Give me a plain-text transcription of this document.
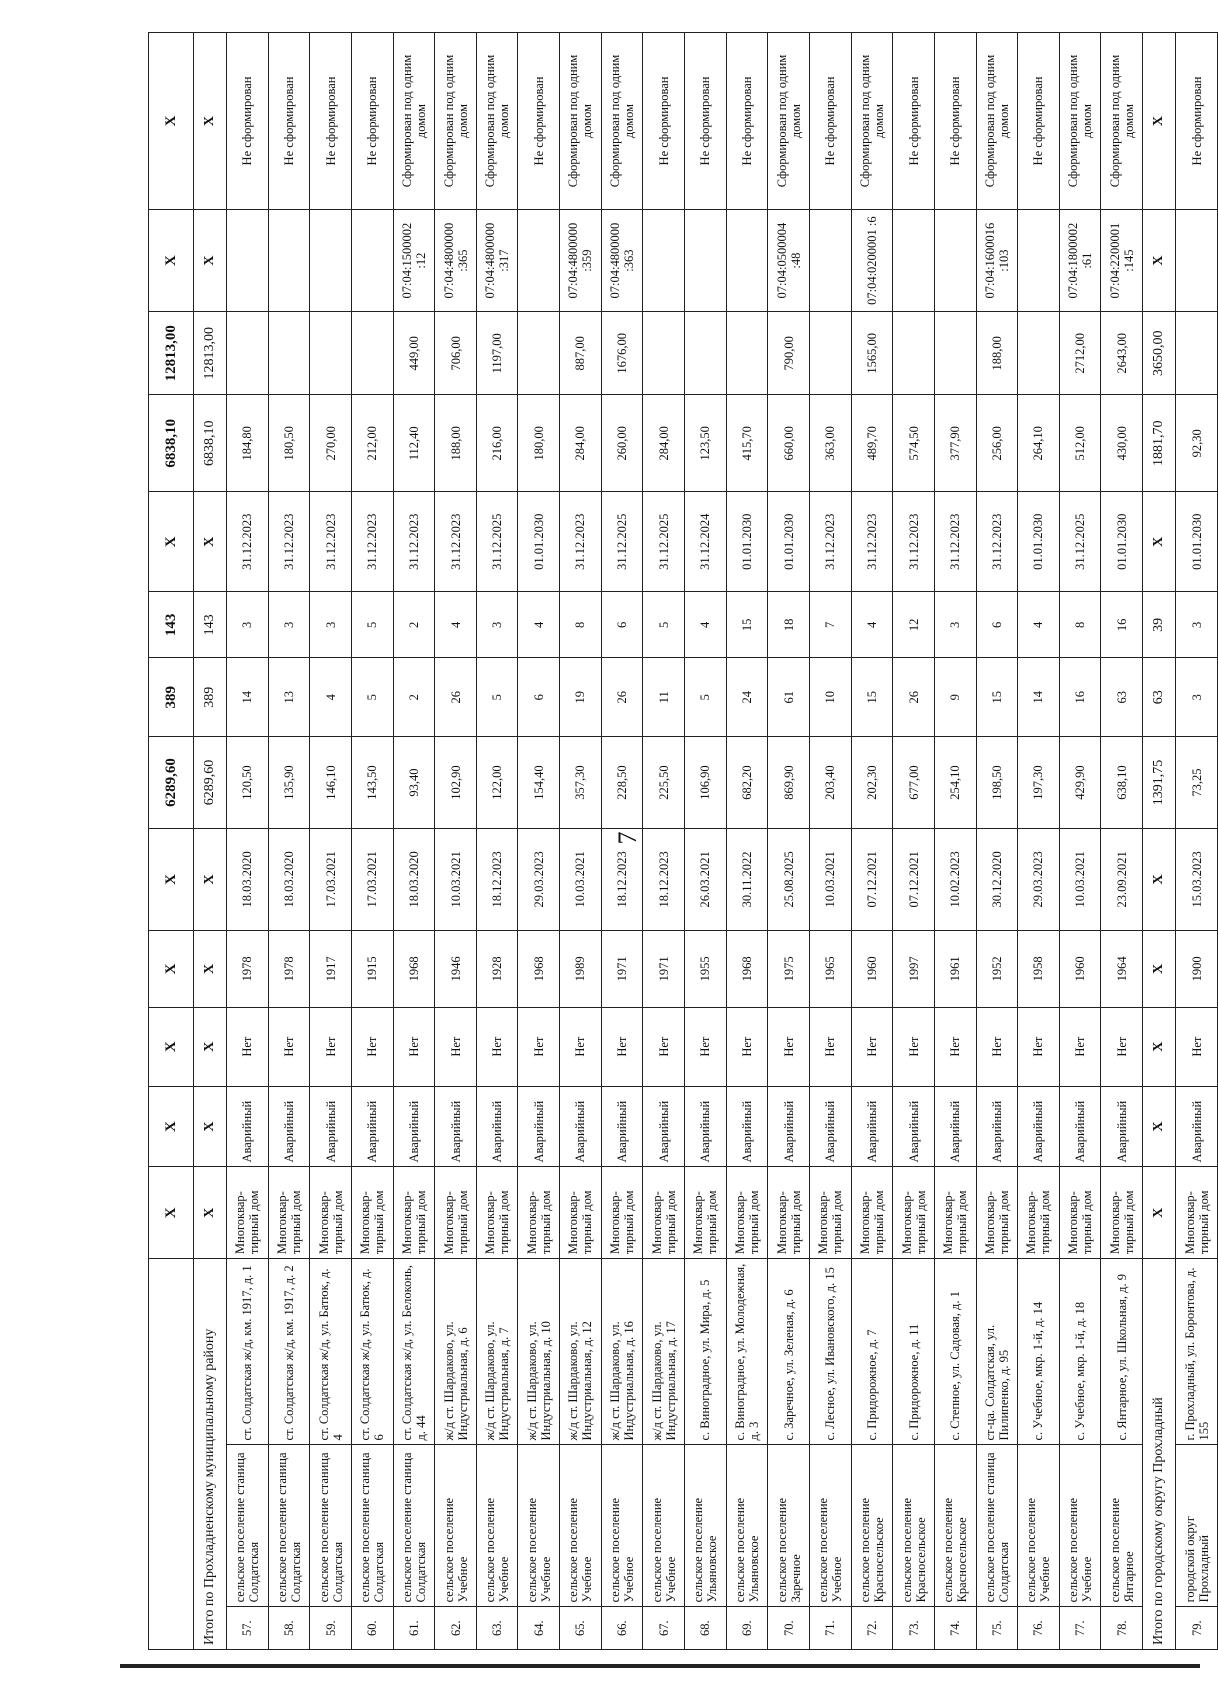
7
			X	X	X	X	X	6289,60	389	143	X	6838,10	12813,00	X	X
Итого по Прохладненскому муниципальному району			X	X	X	X	X	6289,60	389	143	X	6838,10	12813,00	X	X
57.	сельское поселение станица Солдатская	ст. Солдатская ж/д, км. 1917, д. 1	Многоквар-тирный дом	Аварийный	Нет	1978	18.03.2020	120,50	14	3	31.12.2023	184,80			Не сформирован
58.	сельское поселение станица Солдатская	ст. Солдатская ж/д, км. 1917, д. 2	Многоквар-тирный дом	Аварийный	Нет	1978	18.03.2020	135,90	13	3	31.12.2023	180,50			Не сформирован
59.	сельское поселение станица Солдатская	ст. Солдатская ж/д, ул. Батюк, д. 4	Многоквар-тирный дом	Аварийный	Нет	1917	17.03.2021	146,10	4	3	31.12.2023	270,00			Не сформирован
60.	сельское поселение станица Солдатская	ст. Солдатская ж/д, ул. Батюк, д. 6	Многоквар-тирный дом	Аварийный	Нет	1915	17.03.2021	143,50	5	5	31.12.2023	212,00			Не сформирован
61.	сельское поселение станица Солдатская	ст. Солдатская ж/д, ул. Белоконь, д. 44	Многоквар-тирный дом	Аварийный	Нет	1968	18.03.2020	93,40	2	2	31.12.2023	112,40	449,00	07:04:1500002 :12	Сформирован под одним домом
62.	сельское поселение Учебное	ж/д ст. Шардаково, ул. Индустриальная, д. 6	Многоквар-тирный дом	Аварийный	Нет	1946	10.03.2021	102,90	26	4	31.12.2023	188,00	706,00	07:04:4800000 :365	Сформирован под одним домом
63.	сельское поселение Учебное	ж/д ст. Шардаково, ул. Индустриальная, д. 7	Многоквар-тирный дом	Аварийный	Нет	1928	18.12.2023	122,00	5	3	31.12.2025	216,00	1197,00	07:04:4800000 :317	Сформирован под одним домом
64.	сельское поселение Учебное	ж/д ст. Шардаково, ул. Индустриальная, д. 10	Многоквар-тирный дом	Аварийный	Нет	1968	29.03.2023	154,40	6	4	01.01.2030	180,00			Не сформирован
65.	сельское поселение Учебное	ж/д ст. Шардаково, ул. Индустриальная, д. 12	Многоквар-тирный дом	Аварийный	Нет	1989	10.03.2021	357,30	19	8	31.12.2023	284,00	887,00	07:04:4800000 :359	Сформирован под одним домом
66.	сельское поселение Учебное	ж/д ст. Шардаково, ул. Индустриальная, д. 16	Многоквар-тирный дом	Аварийный	Нет	1971	18.12.2023	228,50	26	6	31.12.2025	260,00	1676,00	07:04:4800000 :363	Сформирован под одним домом
67.	сельское поселение Учебное	ж/д ст. Шардаково, ул. Индустриальная, д. 17	Многоквар-тирный дом	Аварийный	Нет	1971	18.12.2023	225,50	11	5	31.12.2025	284,00			Не сформирован
68.	сельское поселение Ульяновское	с. Виноградное, ул. Мира, д. 5	Многоквар-тирный дом	Аварийный	Нет	1955	26.03.2021	106,90	5	4	31.12.2024	123,50			Не сформирован
69.	сельское поселение Ульяновское	с. Виноградное, ул. Молодежная, д. 3	Многоквар-тирный дом	Аварийный	Нет	1968	30.11.2022	682,20	24	15	01.01.2030	415,70			Не сформирован
70.	сельское поселение Заречное	с. Заречное, ул. Зеленая, д. 6	Многоквар-тирный дом	Аварийный	Нет	1975	25.08.2025	869,90	61	18	01.01.2030	660,00	790,00	07:04:0500004 :48	Сформирован под одним домом
71.	сельское поселение Учебное	с. Лесное, ул. Ивановского, д. 15	Многоквар-тирный дом	Аварийный	Нет	1965	10.03.2021	203,40	10	7	31.12.2023	363,00			Не сформирован
72.	сельское поселение Красносельское	с. Придорожное, д. 7	Многоквар-тирный дом	Аварийный	Нет	1960	07.12.2021	202,30	15	4	31.12.2023	489,70	1565,00	07:04:0200001 :6	Сформирован под одним домом
73.	сельское поселение Красносельское	с. Придорожное, д. 11	Многоквар-тирный дом	Аварийный	Нет	1997	07.12.2021	677,00	26	12	31.12.2023	574,50			Не сформирован
74.	сельское поселение Красносельское	с. Степное, ул. Садовая, д. 1	Многоквар-тирный дом	Аварийный	Нет	1961	10.02.2023	254,10	9	3	31.12.2023	377,90			Не сформирован
75.	сельское поселение станица Солдатская	ст-ца. Солдатская, ул. Пилипенко, д. 95	Многоквар-тирный дом	Аварийный	Нет	1952	30.12.2020	198,50	15	6	31.12.2023	256,00	188,00	07:04:1600016 :103	Сформирован под одним домом
76.	сельское поселение Учебное	с. Учебное, мкр. 1-й, д. 14	Многоквар-тирный дом	Аварийный	Нет	1958	29.03.2023	197,30	14	4	01.01.2030	264,10			Не сформирован
77.	сельское поселение Учебное	с. Учебное, мкр. 1-й, д. 18	Многоквар-тирный дом	Аварийный	Нет	1960	10.03.2021	429,90	16	8	31.12.2025	512,00	2712,00	07:04:1800002 :61	Сформирован под одним домом
78.	сельское поселение Янтарное	с. Янтарное, ул. Школьная, д. 9	Многоквар-тирный дом	Аварийный	Нет	1964	23.09.2021	638,10	63	16	01.01.2030	430,00	2643,00	07:04:2200001 :145	Сформирован под одним домом
Итого по городскому округу Прохладный			X	X	X	X	X	1391,75	63	39	X	1881,70	3650,00	X	X
79.	городской округ Прохладный	г. Прохладный, ул. Боронтова, д. 155	Многоквар-тирный дом	Аварийный	Нет	1900	15.03.2023	73,25	3	3	01.01.2030	92,30			Не сформирован
